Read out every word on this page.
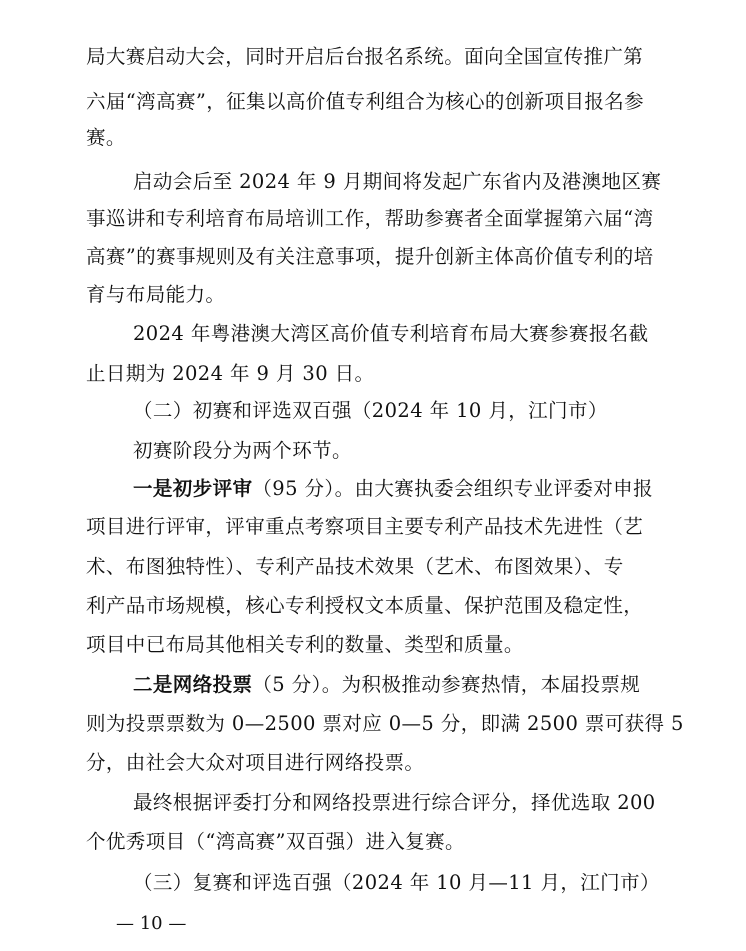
局大赛启动大会，同时开启后台报名系统。面向全国宣传推广第
六届“湾高赛”，征集以高价值专利组合为核心的创新项目报名参
赛。
启动会后至 2024 年 9 月期间将发起广东省内及港澳地区赛
事巡讲和专利培育布局培训工作，帮助参赛者全面掌握第六届“湾
高赛”的赛事规则及有关注意事项，提升创新主体高价值专利的培
育与布局能力。
2024 年粤港澳大湾区高价值专利培育布局大赛参赛报名截
止日期为 2024 年 9 月 30 日。
（二）初赛和评选双百强（2024 年 10 月，江门市）
初赛阶段分为两个环节。
一是初步评审（95 分）。由大赛执委会组织专业评委对申报
项目进行评审，评审重点考察项目主要专利产品技术先进性（艺
术、布图独特性）、专利产品技术效果（艺术、布图效果）、专
利产品市场规模，核心专利授权文本质量、保护范围及稳定性，
项目中已布局其他相关专利的数量、类型和质量。
二是网络投票（5 分）。为积极推动参赛热情，本届投票规
则为投票票数为 0—2500 票对应 0—5 分，即满 2500 票可获得 5
分，由社会大众对项目进行网络投票。
最终根据评委打分和网络投票进行综合评分，择优选取 200
个优秀项目（“湾高赛”双百强）进入复赛。
（三）复赛和评选百强（2024 年 10 月—11 月，江门市）
— 10 —
